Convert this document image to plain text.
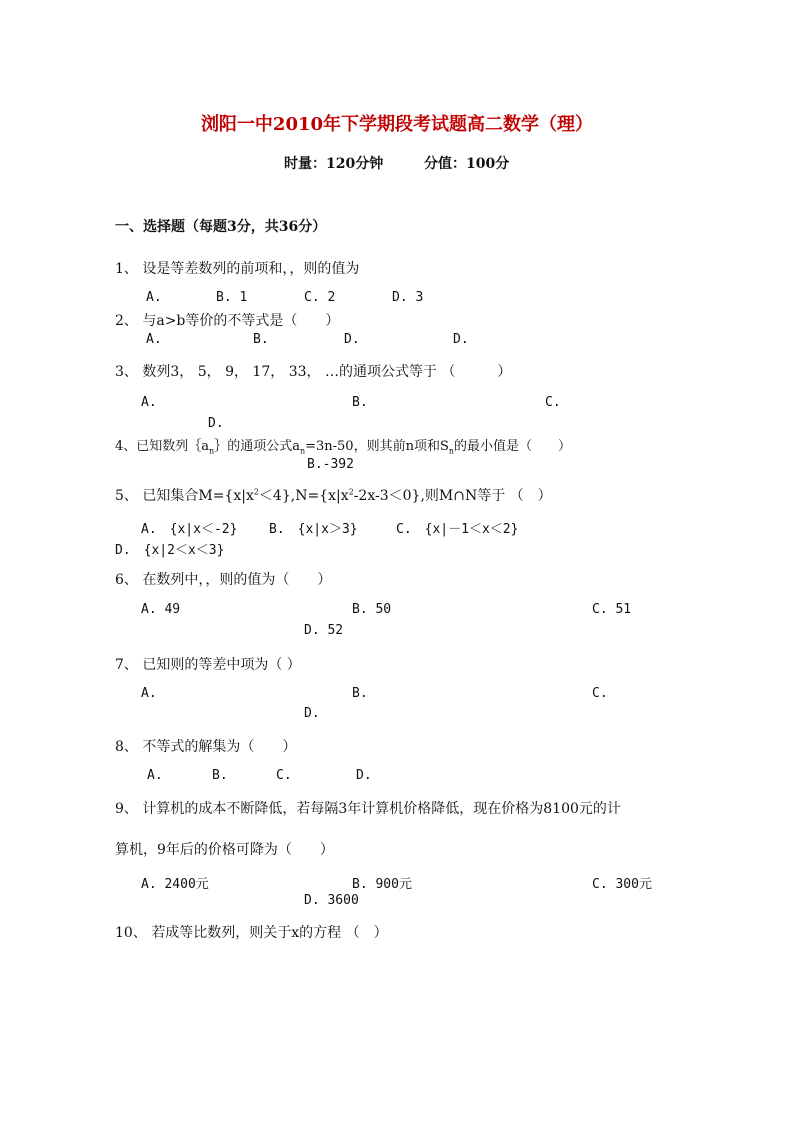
浏阳一中2010年下学期段考试题高二数学（理）
时量：120分钟	分值：100分
一、选择题（每题3分，共36分）
1、 设是等差数列的前项和，，则的值为
A.	B. 1	C. 2	D. 3
2、 与a>b等价的不等式是（　　）
A.	B.	D.	D.
3、 数列3， 5， 9， 17， 33， …的通项公式等于 （　　　）
A.	B.	C.
D.
4、已知数列$\{a_n\}$的通项公式$a_n=3n-50$，则其前n项和$S_n$的最小值是（　　）
B.-392
5、 已知集合$M=\{x|x^2<4\},N=\{x|x^2-2x-3<0\}$,则M∩N等于 （　）
A.　{x|x＜-2} B.　{x|x＞3}	C.　{x|－1＜x＜2}
D.　{x|2＜x＜3}
6、 在数列中，，则的值为（　　）
A. 49	B. 50	C. 51
D. 52
7、 已知则的等差中项为（ ）
A.	B.	C.
D.
8、 不等式的解集为（　　）
A.	B.	C.	D.
9、 计算机的成本不断降低，若每隔3年计算机价格降低，现在价格为8100元的计
算机，9年后的价格可降为（　　）
A. 2400元	B. 900元	C. 300元
D. 3600
10、 若成等比数列，则关于x的方程 （　）
